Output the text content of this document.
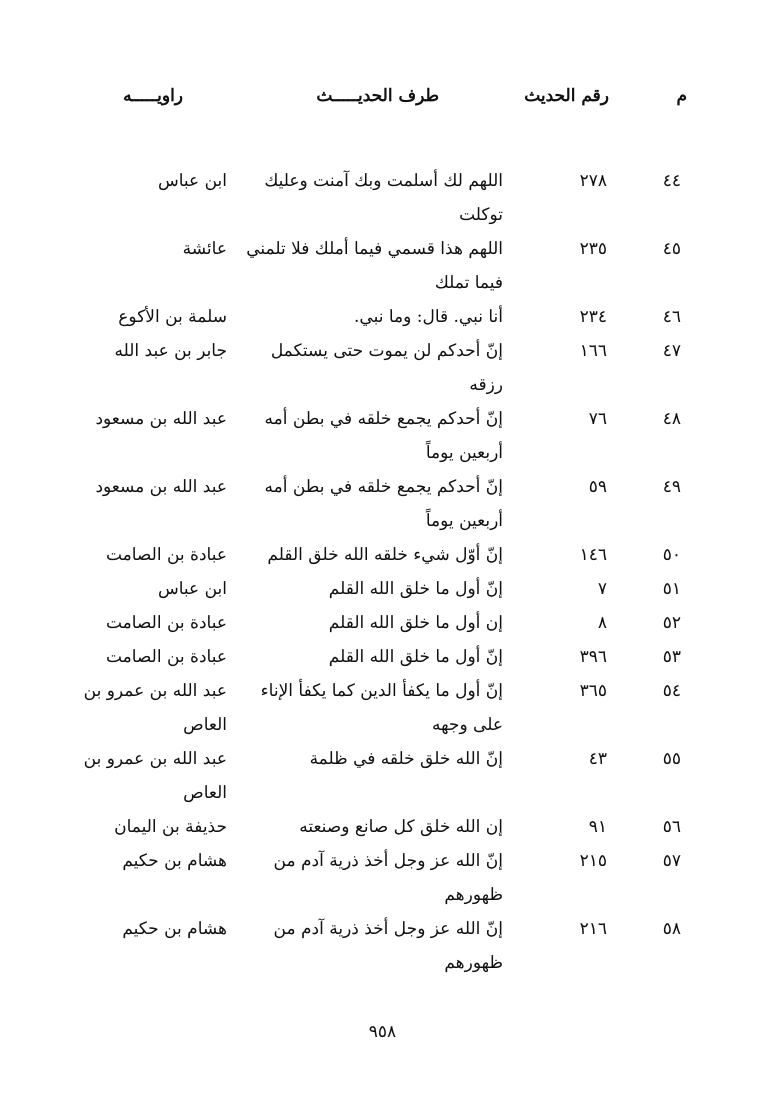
م
رقم الحديث
طرف الحديـــــث
راويـــــه
٤٤
٢٧٨
اللهم لك أسلمت وبك آمنت وعليك توكلت
ابن عباس
٤٥
٢٣٥
اللهم هذا قسمي فيما أملك فلا تلمني فيما تملك
عائشة
٤٦
٢٣٤
أنا نبي. قال: وما نبي.
سلمة بن الأكوع
٤٧
١٦٦
إنّ أحدكم لن يموت حتى يستكمل رزقه
جابر بن عبد الله
٤٨
٧٦
إنّ أحدكم يجمع خلقه في بطن أمه أربعين يوماً
عبد الله بن مسعود
٤٩
٥٩
إنّ أحدكم يجمع خلقه في بطن أمه أربعين يوماً
عبد الله بن مسعود
٥٠
١٤٦
إنّ أوّل شيء خلقه الله خلق القلم
عبادة بن الصامت
٥١
٧
إنّ أول ما خلق الله القلم
ابن عباس
٥٢
٨
إن أول ما خلق الله القلم
عبادة بن الصامت
٥٣
٣٩٦
إنّ أول ما خلق الله القلم
عبادة بن الصامت
٥٤
٣٦٥
إنّ أول ما يكفأ الدين كما يكفأ الإناء على وجهه
عبد الله بن عمرو بن العاص
٥٥
٤٣
إنّ الله خلق خلقه في ظلمة
عبد الله بن عمرو بن العاص
٥٦
٩١
إن الله خلق كل صانع وصنعته
حذيفة بن اليمان
٥٧
٢١٥
إنّ الله عز وجل أخذ ذرية آدم من ظهورهم
هشام بن حكيم
٥٨
٢١٦
إنّ الله عز وجل أخذ ذرية آدم من ظهورهم
هشام بن حكيم
٩٥٨
